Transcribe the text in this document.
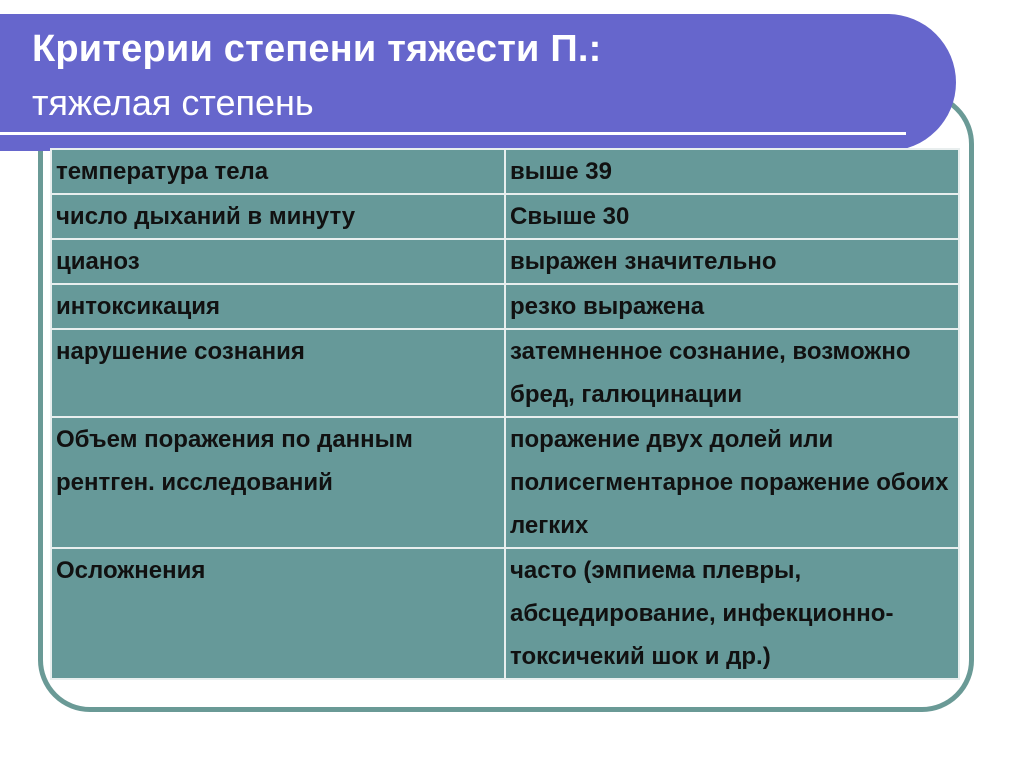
Критерии степени тяжести П.:
тяжелая степень
температура тела	выше 39
число дыханий в минуту	Свыше 30
цианоз	выражен значительно
интоксикация	резко выражена
нарушение сознания	затемненное сознание, возможно бред, галюцинации
Объем поражения по данным рентген. исследований	поражение двух долей или полисегментарное поражение обоих легких
Осложнения	часто (эмпиема плевры, абсцедирование, инфекционно-токсичекий шок и др.)
